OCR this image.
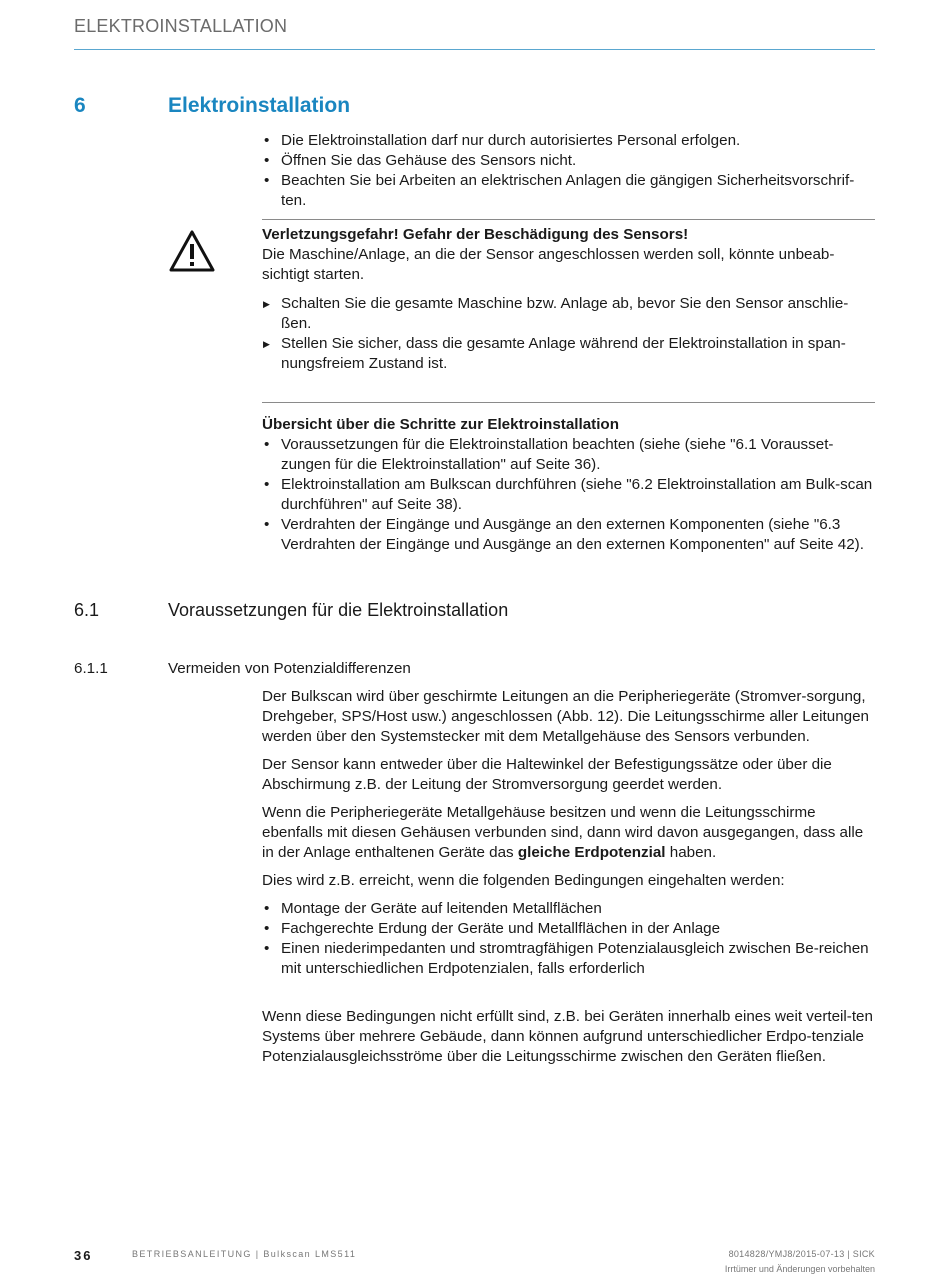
ELEKTROINSTALLATION
6	Elektroinstallation
• Die Elektroinstallation darf nur durch autorisiertes Personal erfolgen.
• Öffnen Sie das Gehäuse des Sensors nicht.
• Beachten Sie bei Arbeiten an elektrischen Anlagen die gängigen Sicherheitsvorschrif-ten.
Verletzungsgefahr! Gefahr der Beschädigung des Sensors!
Die Maschine/Anlage, an die der Sensor angeschlossen werden soll, könnte unbeab-sichtigt starten.
▶ Schalten Sie die gesamte Maschine bzw. Anlage ab, bevor Sie den Sensor anschlie-ßen.
▶ Stellen Sie sicher, dass die gesamte Anlage während der Elektroinstallation in span-nungsfreiem Zustand ist.
Übersicht über die Schritte zur Elektroinstallation
• Voraussetzungen für die Elektroinstallation beachten (siehe (siehe "6.1 Vorausset-zungen für die Elektroinstallation" auf Seite 36).
• Elektroinstallation am Bulkscan durchführen (siehe "6.2 Elektroinstallation am Bulk-scan durchführen" auf Seite 38).
• Verdrahten der Eingänge und Ausgänge an den externen Komponenten (siehe "6.3 Verdrahten der Eingänge und Ausgänge an den externen Komponenten" auf Seite 42).
6.1	Voraussetzungen für die Elektroinstallation
6.1.1	Vermeiden von Potenzialdifferenzen

Der Bulkscan wird über geschirmte Leitungen an die Peripheriegeräte (Stromver-sorgung, Drehgeber, SPS/Host usw.) angeschlossen (Abb. 12). Die Leitungsschirme aller Leitungen werden über den Systemstecker mit dem Metallgehäuse des Sensors verbunden.

Der Sensor kann entweder über die Haltewinkel der Befestigungssätze oder über die Abschirmung z.B. der Leitung der Stromversorgung geerdet werden.

Wenn die Peripheriegeräte Metallgehäuse besitzen und wenn die Leitungsschirme ebenfalls mit diesen Gehäusen verbunden sind, dann wird davon ausgegangen, dass alle in der Anlage enthaltenen Geräte das gleiche Erdpotenzial haben.

Dies wird z.B. erreicht, wenn die folgenden Bedingungen eingehalten werden:

• Montage der Geräte auf leitenden Metallflächen
• Fachgerechte Erdung der Geräte und Metallflächen in der Anlage
• Einen niederimpedanten und stromtragfähigen Potenzialausgleich zwischen Be-reichen mit unterschiedlichen Erdpotenzialen, falls erforderlich

Wenn diese Bedingungen nicht erfüllt sind, z.B. bei Geräten innerhalb eines weit verteil-ten Systems über mehrere Gebäude, dann können aufgrund unterschiedlicher Erdpo-tenziale Potenzialausgleichsströme über die Leitungsschirme zwischen den Geräten fließen.

36	BETRIEBSANLEITUNG | Bulkscan LMS511	8014828/YMJ8/2015-07-13 | SICK
Irrtümer und Änderungen vorbehalten
